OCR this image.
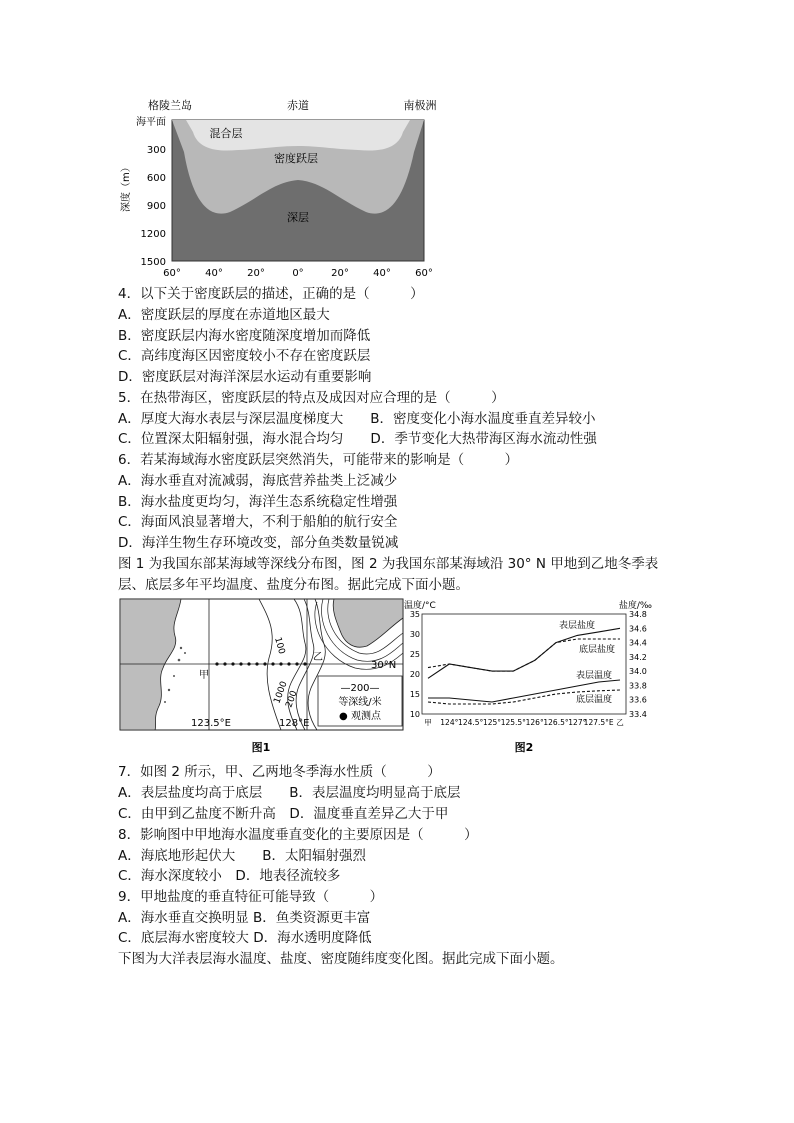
格陵兰岛	赤道	南极洲
海平面
300
600
900
1200
1500
深度（m）
混合层
密度跃层
深层
60° 40° 20°	0°	20° 40° 60°
4．以下关于密度跃层的描述，正确的是（　　　）
A．密度跃层的厚度在赤道地区最大
B．密度跃层内海水密度随深度增加而降低
C．高纬度海区因密度较小不存在密度跃层
D．密度跃层对海洋深层水运动有重要影响
5．在热带海区，密度跃层的特点及成因对应合理的是（　　　）
A．厚度大海水表层与深层温度梯度大　　B．密度变化小海水温度垂直差异较小
C．位置深太阳辐射强，海水混合均匀　　D．季节变化大热带海区海水流动性强
6．若某海域海水密度跃层突然消失，可能带来的影响是（　　　）
A．海水垂直对流减弱，海底营养盐类上泛减少
B．海水盐度更均匀，海洋生态系统稳定性增强
C．海面风浪显著增大，不利于船舶的航行安全
D．海洋生物生存环境改变，部分鱼类数量锐减
图 1 为我国东部某海域等深线分布图，图 2 为我国东部某海域沿 30° N 甲地到乙地冬季表
层、底层多年平均温度、盐度分布图。据此完成下面小题。
100
1000
200
甲
乙
30°N
123.5°E	128°E
—200—
等深线/米
● 观测点
图1
温度/°C	盐度/‰
35
30
25
20
15
10
34.8
34.6
34.4
34.2
34.0
33.8
33.6
33.4
甲 124° 124.5° 125° 125.5° 126° 126.5° 127°
127.5°E 乙
表层盐度
底层盐度
表层温度
底层温度
图2
7．如图 2 所示，甲、乙两地冬季海水性质（　　　）
A．表层盐度均高于底层　　B．表层温度均明显高于底层
C．由甲到乙盐度不断升高　D．温度垂直差异乙大于甲
8．影响图中甲地海水温度垂直变化的主要原因是（　　　）
A．海底地形起伏大　　B．太阳辐射强烈
C．海水深度较小　D．地表径流较多
9．甲地盐度的垂直特征可能导致（　　　）
A．海水垂直交换明显 B．鱼类资源更丰富
C．底层海水密度较大 D．海水透明度降低
下图为大洋表层海水温度、盐度、密度随纬度变化图。据此完成下面小题。
